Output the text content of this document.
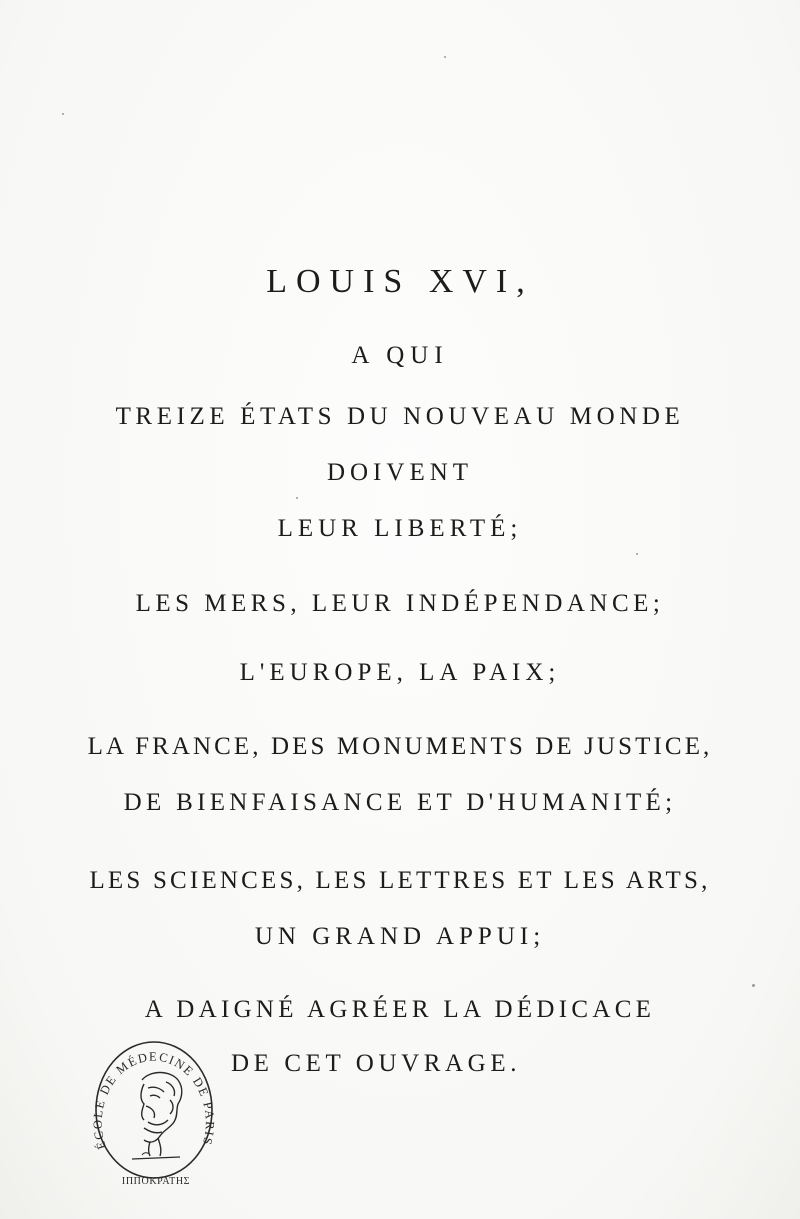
LOUIS XVI,
A QUI
TREIZE ÉTATS DU NOUVEAU MONDE
DOIVENT
LEUR LIBERTÉ;
LES MERS, LEUR INDÉPENDANCE;
L'EUROPE, LA PAIX;
LA FRANCE, DES MONUMENTS DE JUSTICE,
DE BIENFAISANCE ET D'HUMANITÉ;
LES SCIENCES, LES LETTRES ET LES ARTS,
UN GRAND APPUI;
A DAIGNÉ AGRÉER LA DÉDICACE
DE CET OUVRAGE.
ÉCOLE DE MÉDECINE DE PARIS
ΙΠΠΟΚΡΑΤΗΣ
